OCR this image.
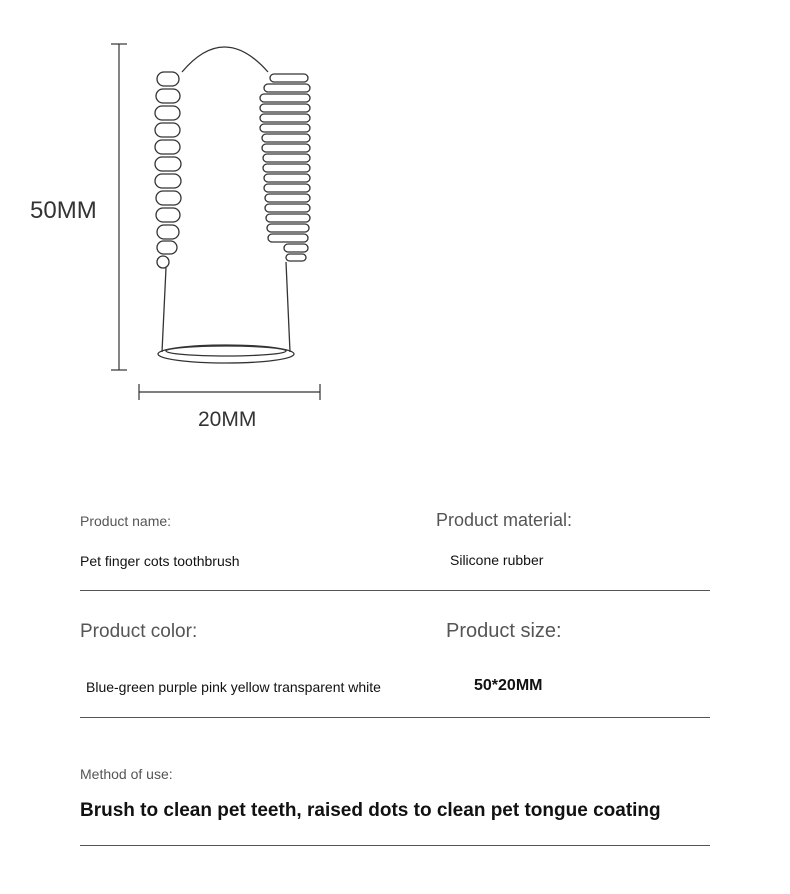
50MM
20MM
Product name:	Product material:
Pet finger cots toothbrush	Silicone rubber
Product color:	Product size:
Blue-green purple pink yellow transparent white	50*20MM
Method of use:
Brush to clean pet teeth, raised dots to clean pet tongue coating
